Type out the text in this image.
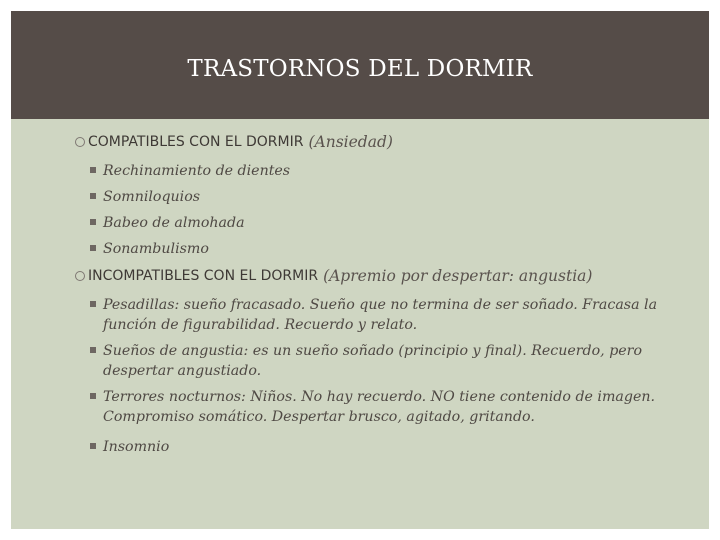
TRASTORNOS DEL DORMIR
COMPATIBLES CON EL DORMIR (Ansiedad)
Rechinamiento de dientes
Somniloquios
Babeo de almohada
Sonambulismo
INCOMPATIBLES CON EL DORMIR (Apremio por despertar: angustia)
Pesadillas: sueño fracasado. Sueño que no termina de ser soñado. Fracasa la función de figurabilidad. Recuerdo y relato.
Sueños de angustia: es un sueño soñado (principio y final). Recuerdo, pero despertar angustiado.
Terrores nocturnos: Niños. No hay recuerdo. NO tiene contenido de imagen. Compromiso somático. Despertar brusco, agitado, gritando.
Insomnio
